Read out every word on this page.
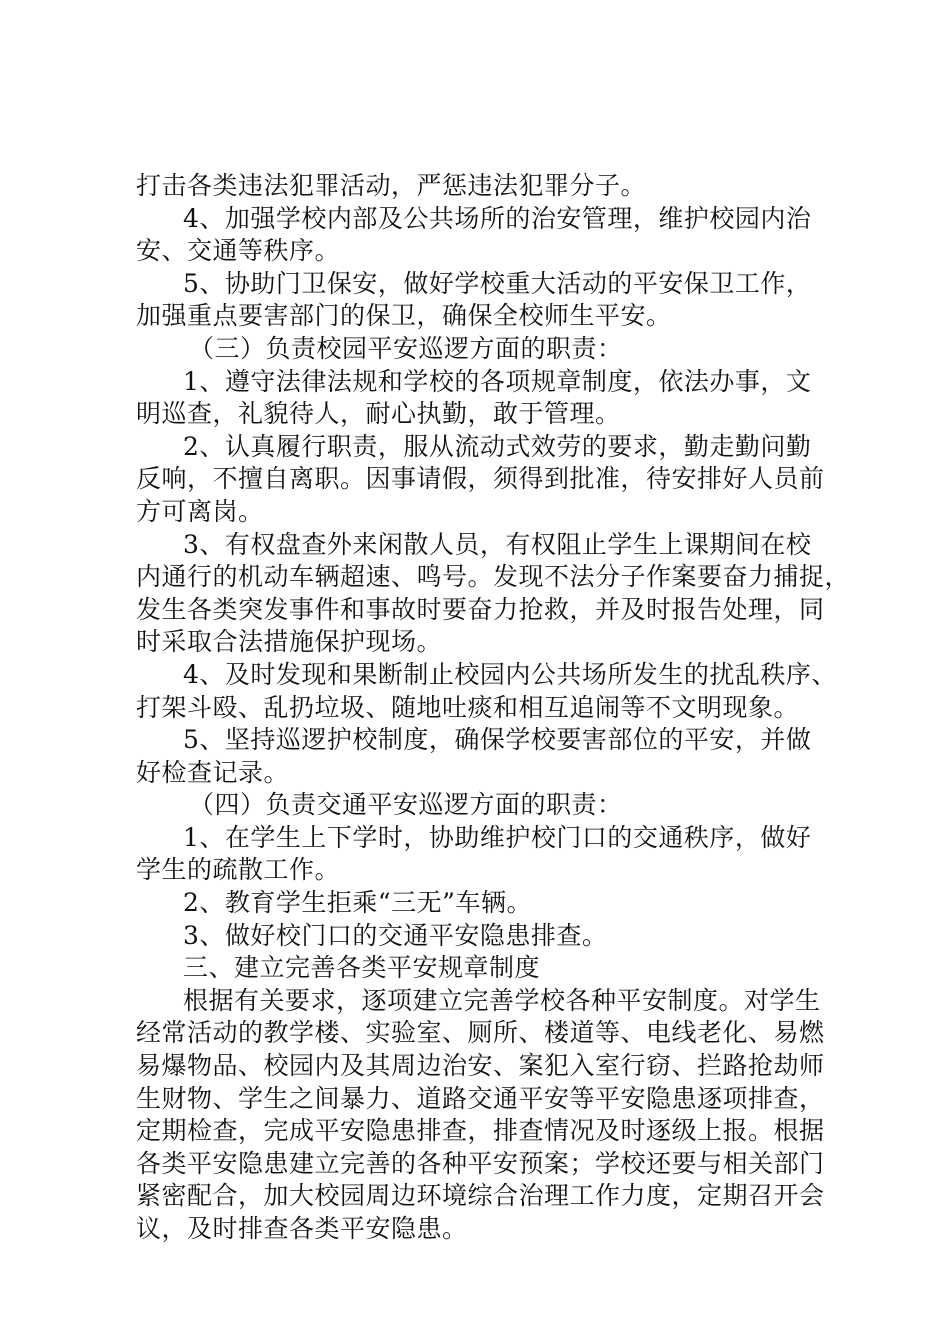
打击各类违法犯罪活动，严惩违法犯罪分子。
4、加强学校内部及公共场所的治安管理，维护校园内治
安、交通等秩序。
5、协助门卫保安，做好学校重大活动的平安保卫工作，
加强重点要害部门的保卫，确保全校师生平安。
（三）负责校园平安巡逻方面的职责：
1、遵守法律法规和学校的各项规章制度，依法办事，文
明巡查，礼貌待人，耐心执勤，敢于管理。
2、认真履行职责，服从流动式效劳的要求，勤走勤问勤
反响，不擅自离职。因事请假，须得到批准，待安排好人员前
方可离岗。
3、有权盘查外来闲散人员，有权阻止学生上课期间在校
内通行的机动车辆超速、鸣号。发现不法分子作案要奋力捕捉，
发生各类突发事件和事故时要奋力抢救，并及时报告处理，同
时采取合法措施保护现场。
4、及时发现和果断制止校园内公共场所发生的扰乱秩序、
打架斗殴、乱扔垃圾、随地吐痰和相互追闹等不文明现象。
5、坚持巡逻护校制度，确保学校要害部位的平安，并做
好检查记录。
（四）负责交通平安巡逻方面的职责：
1、在学生上下学时，协助维护校门口的交通秩序，做好
学生的疏散工作。
2、教育学生拒乘“三无”车辆。
3、做好校门口的交通平安隐患排查。
三、建立完善各类平安规章制度
根据有关要求，逐项建立完善学校各种平安制度。对学生
经常活动的教学楼、实验室、厕所、楼道等、电线老化、易燃
易爆物品、校园内及其周边治安、案犯入室行窃、拦路抢劫师
生财物、学生之间暴力、道路交通平安等平安隐患逐项排查，
定期检查，完成平安隐患排查，排查情况及时逐级上报。根据
各类平安隐患建立完善的各种平安预案；学校还要与相关部门
紧密配合，加大校园周边环境综合治理工作力度，定期召开会
议，及时排查各类平安隐患。
